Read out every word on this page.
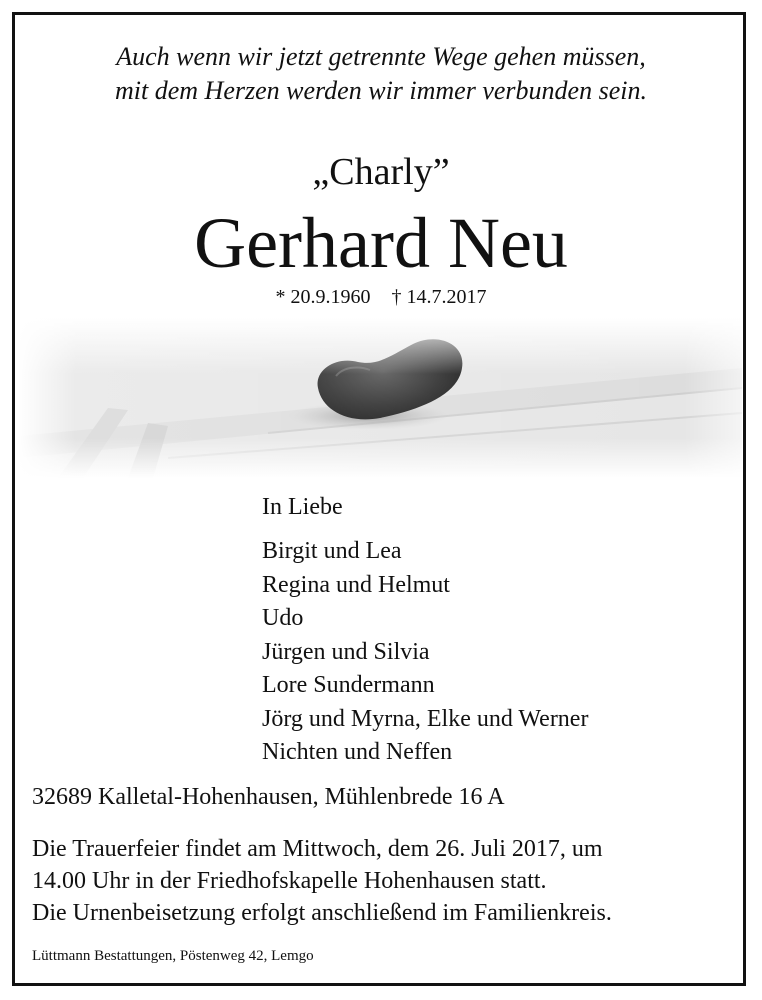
Auch wenn wir jetzt getrennte Wege gehen müssen,
mit dem Herzen werden wir immer verbunden sein.
„Charly”
Gerhard Neu
* 20.9.1960 † 14.7.2017
In Liebe
Birgit und Lea
Regina und Helmut
Udo
Jürgen und Silvia
Lore Sundermann
Jörg und Myrna, Elke und Werner
Nichten und Neffen
32689 Kalletal-Hohenhausen, Mühlenbrede 16 A
Die Trauerfeier findet am Mittwoch, dem 26. Juli 2017, um
14.00 Uhr in der Friedhofskapelle Hohenhausen statt.
Die Urnenbeisetzung erfolgt anschließend im Familienkreis.
Lüttmann Bestattungen, Pöstenweg 42, Lemgo
